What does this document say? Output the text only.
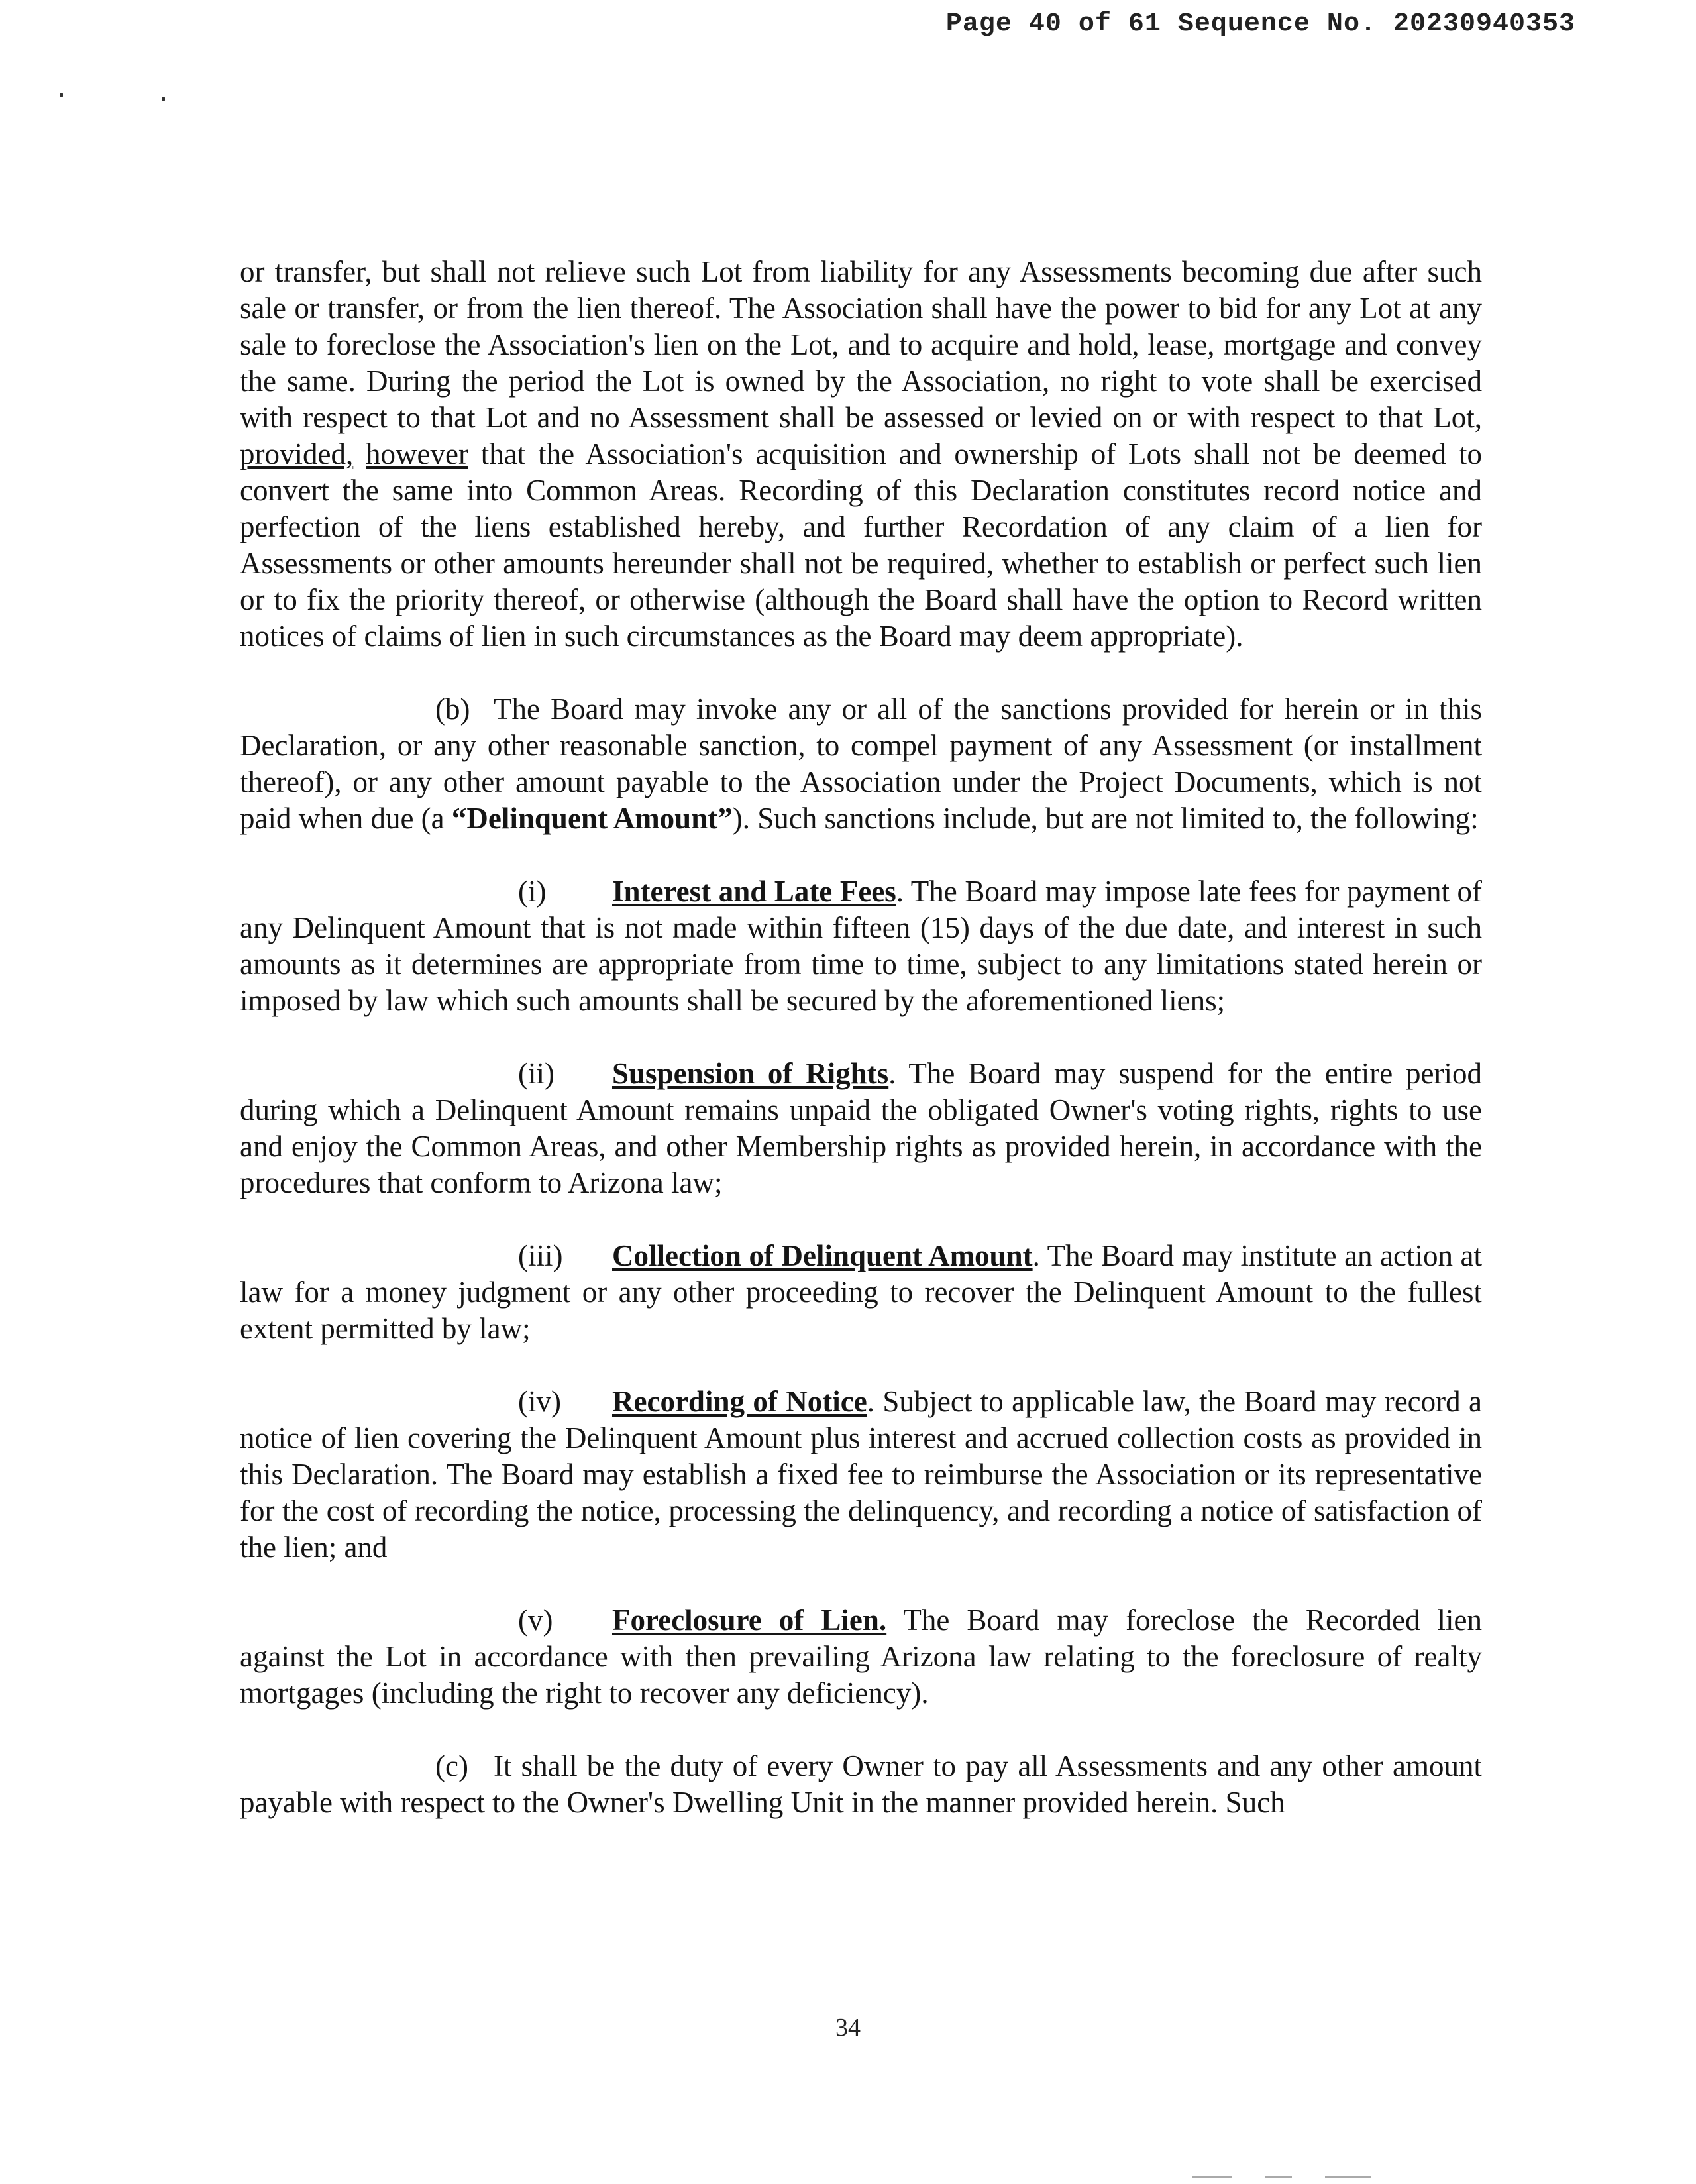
Page 40 of 61 Sequence No. 20230940353

or transfer, but shall not relieve such Lot from liability for any Assessments becoming due after such sale or transfer, or from the lien thereof. The Association shall have the power to bid for any Lot at any sale to foreclose the Association's lien on the Lot, and to acquire and hold, lease, mortgage and convey the same. During the period the Lot is owned by the Association, no right to vote shall be exercised with respect to that Lot and no Assessment shall be assessed or levied on or with respect to that Lot, provided, however that the Association's acquisition and ownership of Lots shall not be deemed to convert the same into Common Areas. Recording of this Declaration constitutes record notice and perfection of the liens established hereby, and further Recordation of any claim of a lien for Assessments or other amounts hereunder shall not be required, whether to establish or perfect such lien or to fix the priority thereof, or otherwise (although the Board shall have the option to Record written notices of claims of lien in such circumstances as the Board may deem appropriate).

(b) The Board may invoke any or all of the sanctions provided for herein or in this Declaration, or any other reasonable sanction, to compel payment of any Assessment (or installment thereof), or any other amount payable to the Association under the Project Documents, which is not paid when due (a “Delinquent Amount”). Such sanctions include, but are not limited to, the following:

(i) Interest and Late Fees. The Board may impose late fees for payment of any Delinquent Amount that is not made within fifteen (15) days of the due date, and interest in such amounts as it determines are appropriate from time to time, subject to any limitations stated herein or imposed by law which such amounts shall be secured by the aforementioned liens;

(ii) Suspension of Rights. The Board may suspend for the entire period during which a Delinquent Amount remains unpaid the obligated Owner's voting rights, rights to use and enjoy the Common Areas, and other Membership rights as provided herein, in accordance with the procedures that conform to Arizona law;

(iii) Collection of Delinquent Amount. The Board may institute an action at law for a money judgment or any other proceeding to recover the Delinquent Amount to the fullest extent permitted by law;

(iv) Recording of Notice. Subject to applicable law, the Board may record a notice of lien covering the Delinquent Amount plus interest and accrued collection costs as provided in this Declaration. The Board may establish a fixed fee to reimburse the Association or its representative for the cost of recording the notice, processing the delinquency, and recording a notice of satisfaction of the lien; and

(v) Foreclosure of Lien. The Board may foreclose the Recorded lien against the Lot in accordance with then prevailing Arizona law relating to the foreclosure of realty mortgages (including the right to recover any deficiency).

(c) It shall be the duty of every Owner to pay all Assessments and any other amount payable with respect to the Owner's Dwelling Unit in the manner provided herein. Such

34
